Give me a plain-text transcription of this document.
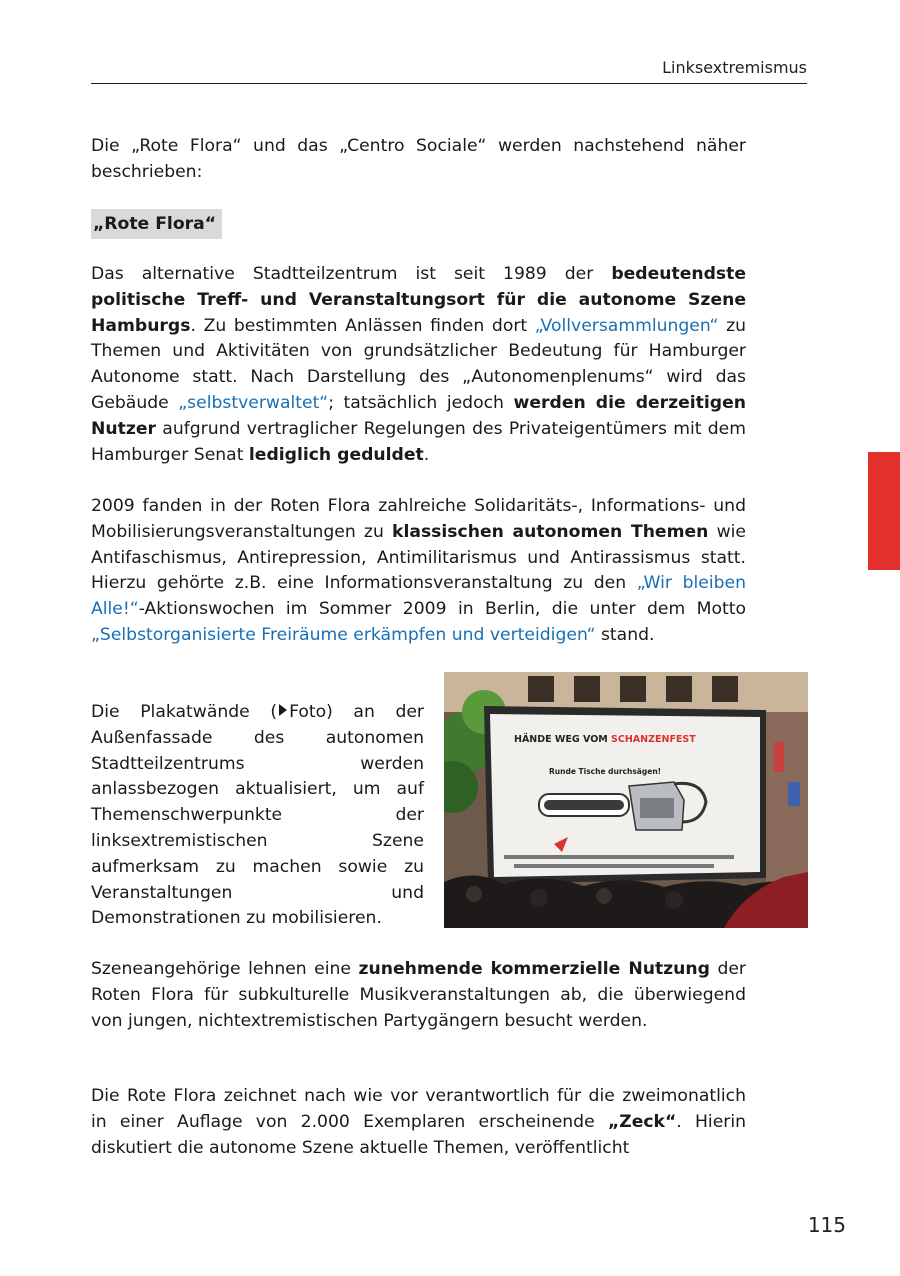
Linksextremismus

Die „Rote Flora“ und das „Centro Sociale“ werden nachstehend näher beschrieben:

„Rote Flora“

Das alternative Stadtteilzentrum ist seit 1989 der bedeutendste politische Treff- und Veranstaltungsort für die autonome Szene Hamburgs. Zu bestimmten Anlässen finden dort „Vollversammlungen“ zu Themen und Aktivitäten von grundsätzlicher Bedeutung für Hamburger Autonome statt. Nach Darstellung des „Autonomenplenums“ wird das Gebäude „selbstverwaltet“; tatsächlich jedoch werden die derzeitigen Nutzer aufgrund vertraglicher Regelungen des Privateigentümers mit dem Hamburger Senat lediglich geduldet.

2009 fanden in der Roten Flora zahlreiche Solidaritäts-, Informations- und Mobilisierungsveranstaltungen zu klassischen autonomen Themen wie Antifaschismus, Antirepression, Antimilitarismus und Antirassismus statt. Hierzu gehörte z.B. eine Informationsveranstaltung zu den „Wir bleiben Alle!“-Aktionswochen im Sommer 2009 in Berlin, die unter dem Motto „Selbstorganisierte Freiräume erkämpfen und verteidigen“ stand.

Die Plakatwände ( Foto) an der Außenfassade des autonomen Stadtteilzentrums werden anlassbezogen aktualisiert, um auf Themenschwerpunkte der linksextremistischen Szene aufmerksam zu machen sowie zu Veranstaltungen und Demonstrationen zu mobilisieren.

HÄNDE WEG VOM SCHANZENFEST
Runde Tische durchsägen!

Szeneangehörige lehnen eine zunehmende kommerzielle Nutzung der Roten Flora für subkulturelle Musikveranstaltungen ab, die überwiegend von jungen, nichtextremistischen Partygängern besucht werden.

Die Rote Flora zeichnet nach wie vor verantwortlich für die zweimonatlich in einer Auflage von 2.000 Exemplaren erscheinende „Zeck“. Hierin diskutiert die autonome Szene aktuelle Themen, veröffentlicht

115
